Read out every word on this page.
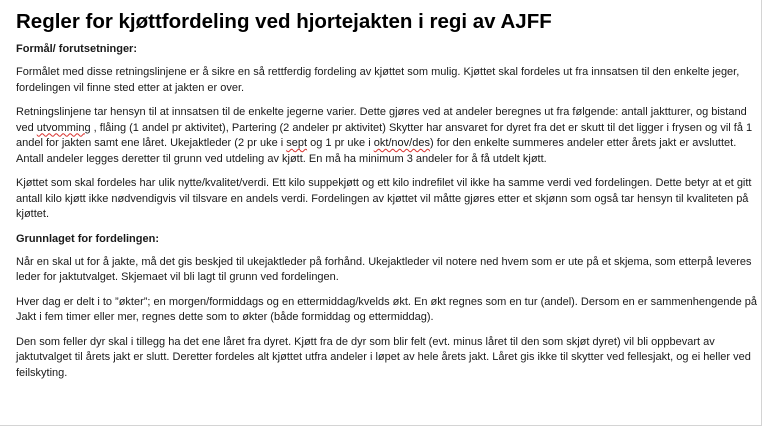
Regler for kjøttfordeling ved hjortejakten i regi av AJFF
Formål/ forutsetninger:

Formålet med disse retningslinjene er å sikre en så rettferdig fordeling av kjøttet som mulig. Kjøttet skal fordeles ut fra innsatsen til den enkelte jeger, fordelingen vil finne sted etter at jakten er over.

Retningslinjene tar hensyn til at innsatsen til de enkelte jegerne varier. Dette gjøres ved at andeler beregnes ut fra følgende: antall jaktturer, og bistand ved utvomming , flåing (1 andel pr aktivitet), Partering (2 andeler pr aktivitet) Skytter har ansvaret for dyret fra det er skutt til det ligger i frysen og vil få 1 andel for jakten samt ene låret. Ukejaktleder (2 pr uke i sept og 1 pr uke i okt/nov/des) for den enkelte summeres andeler etter årets jakt er avsluttet. Antall andeler legges deretter til grunn ved utdeling av kjøtt. En må ha minimum 3 andeler for å få utdelt kjøtt.

Kjøttet som skal fordeles har ulik nytte/kvalitet/verdi. Ett kilo suppekjøtt og ett kilo indrefilet vil ikke ha samme verdi ved fordelingen. Dette betyr at et gitt antall kilo kjøtt ikke nødvendigvis vil tilsvare en andels verdi. Fordelingen av kjøttet vil måtte gjøres etter et skjønn som også tar hensyn til kvaliteten på kjøttet.

Grunnlaget for fordelingen:

Når en skal ut for å jakte, må det gis beskjed til ukejaktleder på forhånd. Ukejaktleder vil notere ned hvem som er ute på et skjema, som etterpå leveres leder for jaktutvalget. Skjemaet vil bli lagt til grunn ved fordelingen.

Hver dag er delt i to ”økter”; en morgen/formiddags og en ettermiddag/kvelds økt. En økt regnes som en tur (andel). Dersom en er sammenhengende på Jakt i fem timer eller mer, regnes dette som to økter (både formiddag og ettermiddag).

Den som feller dyr skal i tillegg ha det ene låret fra dyret. Kjøtt fra de dyr som blir felt (evt. minus låret til den som skjøt dyret) vil bli oppbevart av jaktutvalget til årets jakt er slutt. Deretter fordeles alt kjøttet utfra andeler i løpet av hele årets jakt. Låret gis ikke til skytter ved fellesjakt, og ei heller ved feilskyting.
